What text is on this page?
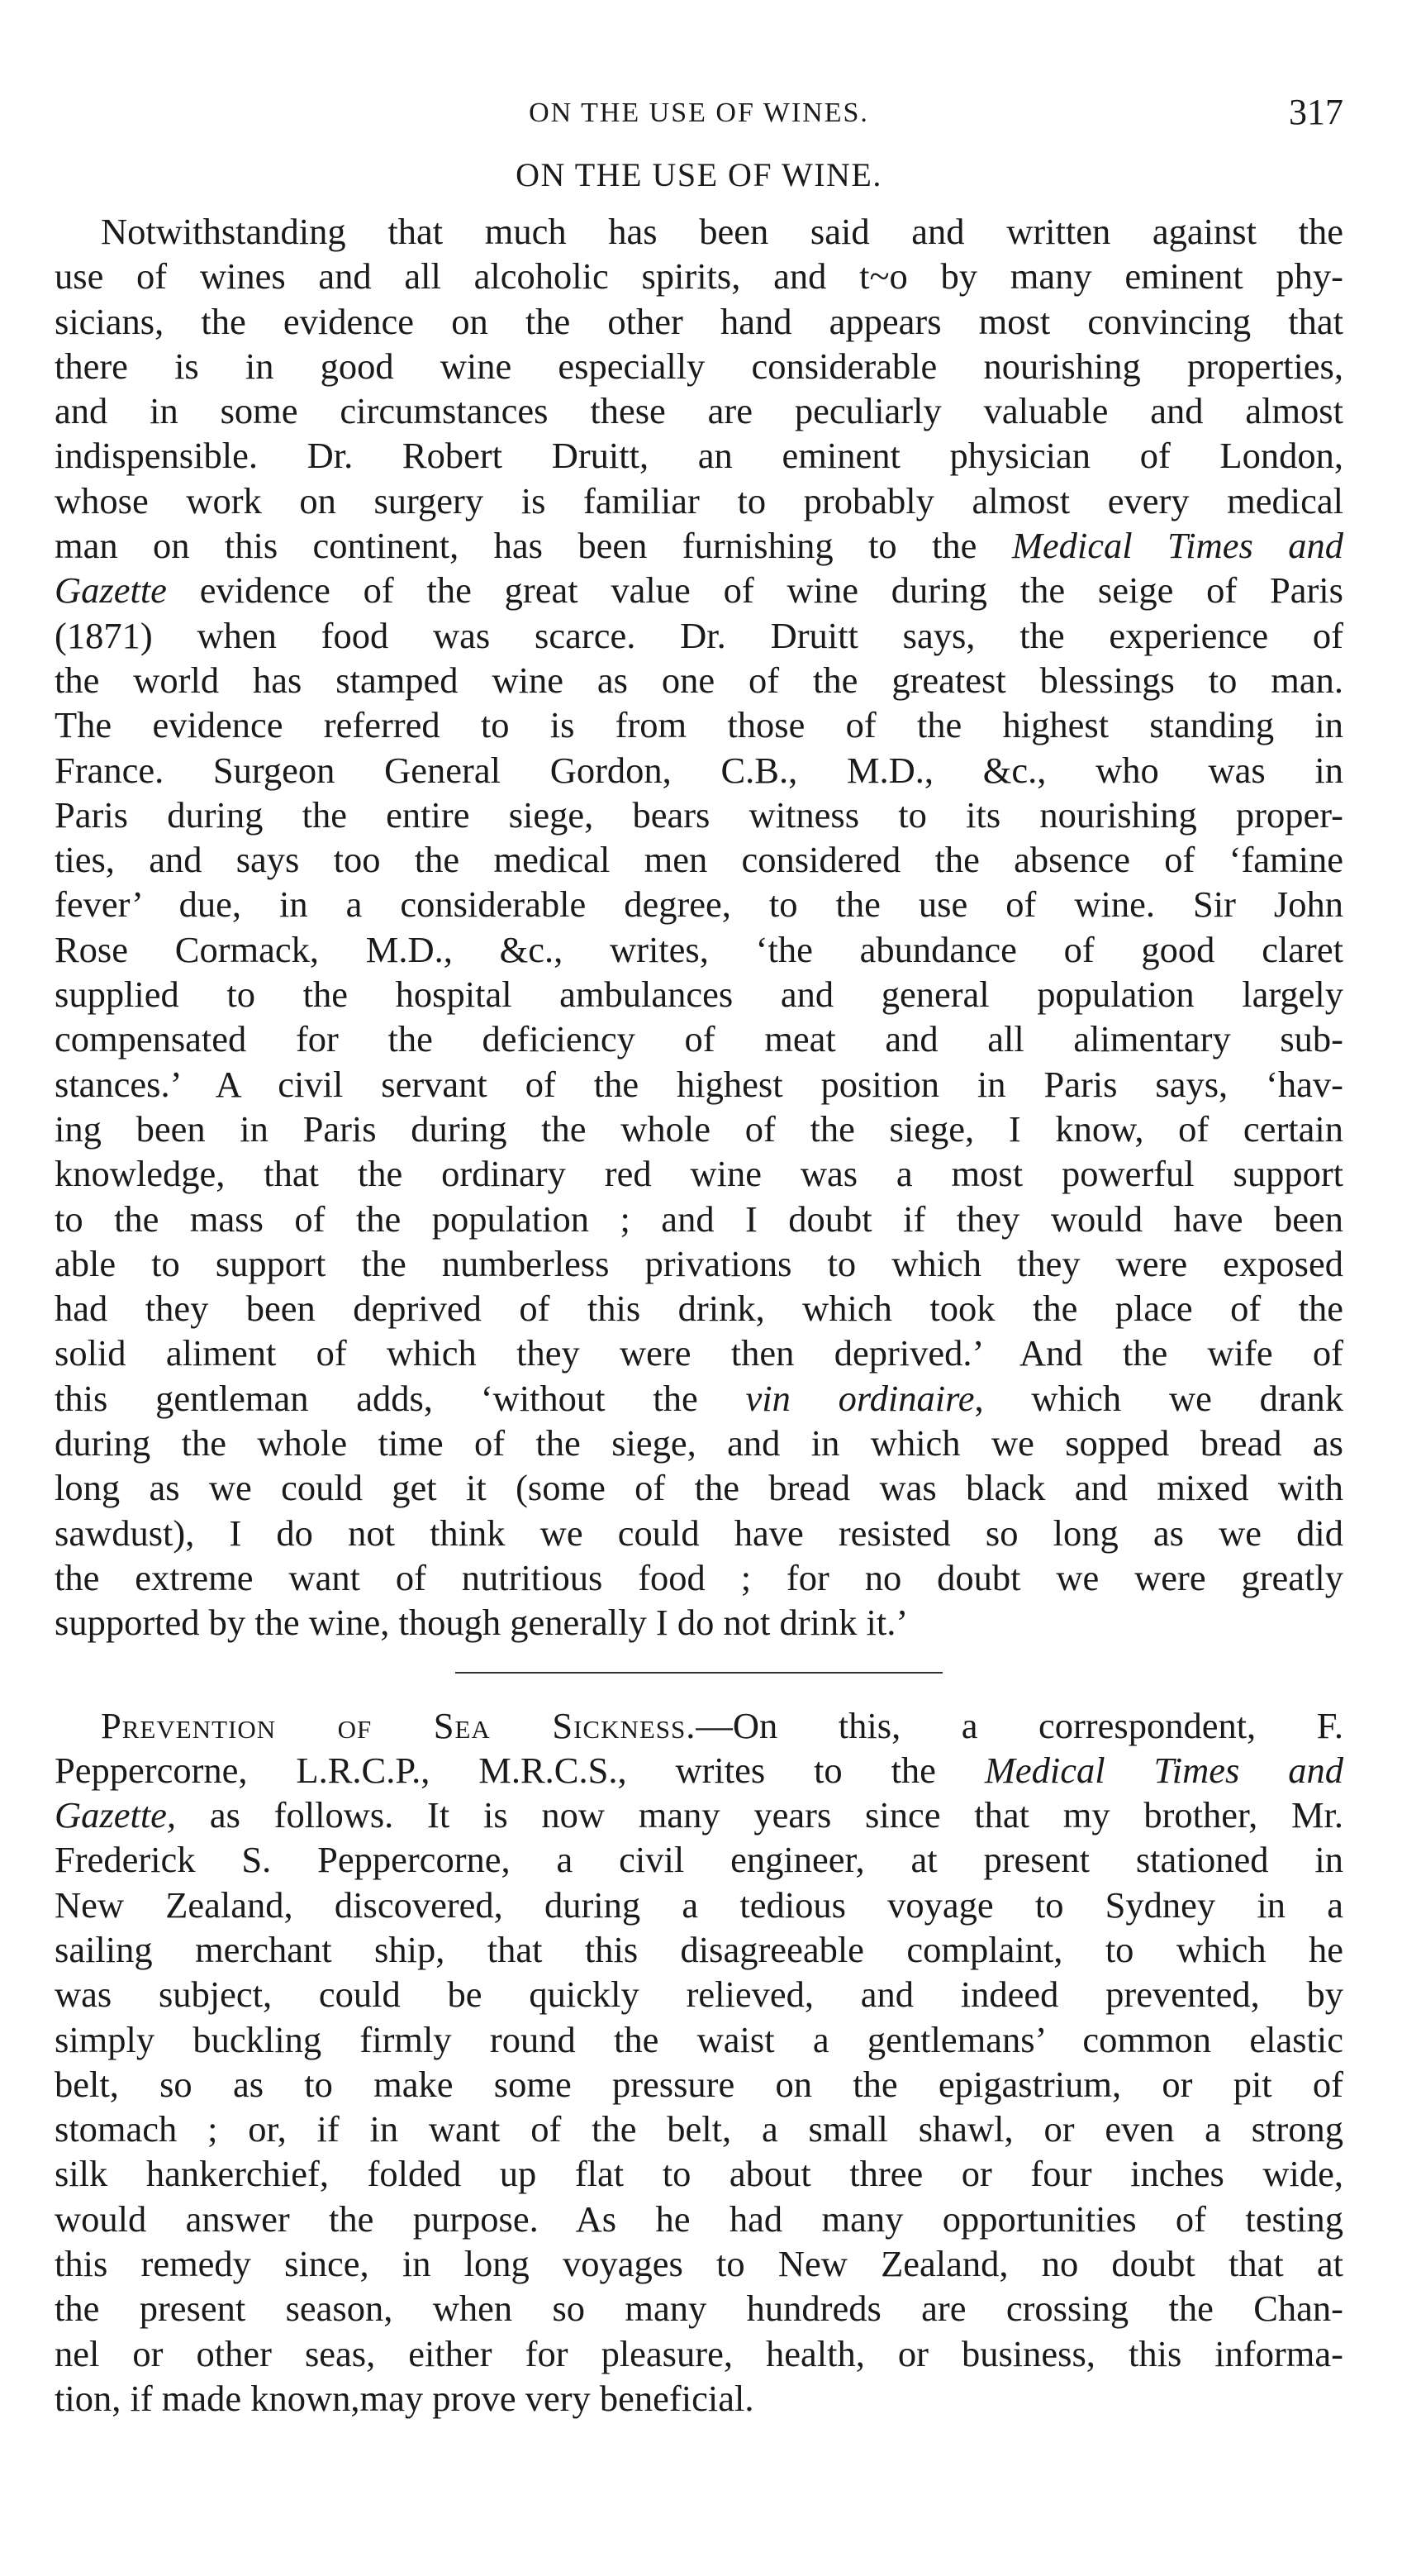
ON THE USE OF WINES.	317
ON THE USE OF WINE.
Notwithstanding that much has been said and written against the
use of wines and all alcoholic spirits, and t~o by many eminent phy-
sicians, the evidence on the other hand appears most convincing that
there is in good wine especially considerable nourishing properties,
and in some circumstances these are peculiarly valuable and almost
indispensible. Dr. Robert Druitt, an eminent physician of London,
whose work on surgery is familiar to probably almost every medical
man on this continent, has been furnishing to the Medical Times and
Gazette evidence of the great value of wine during the seige of Paris
(1871) when food was scarce. Dr. Druitt says, the experience of
the world has stamped wine as one of the greatest blessings to man.
The evidence referred to is from those of the highest standing in
France. Surgeon General Gordon, C.B., M.D., &c., who was in
Paris during the entire siege, bears witness to its nourishing proper-
ties, and says too the medical men considered the absence of ‘famine
fever’ due, in a considerable degree, to the use of wine. Sir John
Rose Cormack, M.D., &c., writes, ‘the abundance of good claret
supplied to the hospital ambulances and general population largely
compensated for the deficiency of meat and all alimentary sub-
stances.’ A civil servant of the highest position in Paris says, ‘hav-
ing been in Paris during the whole of the siege, I know, of certain
knowledge, that the ordinary red wine was a most powerful support
to the mass of the population ; and I doubt if they would have been
able to support the numberless privations to which they were exposed
had they been deprived of this drink, which took the place of the
solid aliment of which they were then deprived.’ And the wife of
this gentleman adds, ‘without the vin ordinaire, which we drank
during the whole time of the siege, and in which we sopped bread as
long as we could get it (some of the bread was black and mixed with
sawdust), I do not think we could have resisted so long as we did
the extreme want of nutritious food ; for no doubt we were greatly
supported by the wine, though generally I do not drink it.’
Prevention of Sea Sickness.—On this, a correspondent, F.
Peppercorne, L.R.C.P., M.R.C.S., writes to the Medical Times and
Gazette, as follows. It is now many years since that my brother, Mr.
Frederick S. Peppercorne, a civil engineer, at present stationed in
New Zealand, discovered, during a tedious voyage to Sydney in a
sailing merchant ship, that this disagreeable complaint, to which he
was subject, could be quickly relieved, and indeed prevented, by
simply buckling firmly round the waist a gentlemans’ common elastic
belt, so as to make some pressure on the epigastrium, or pit of
stomach ; or, if in want of the belt, a small shawl, or even a strong
silk hankerchief, folded up flat to about three or four inches wide,
would answer the purpose. As he had many opportunities of testing
this remedy since, in long voyages to New Zealand, no doubt that at
the present season, when so many hundreds are crossing the Chan-
nel or other seas, either for pleasure, health, or business, this informa-
tion, if made known,may prove very beneficial.
